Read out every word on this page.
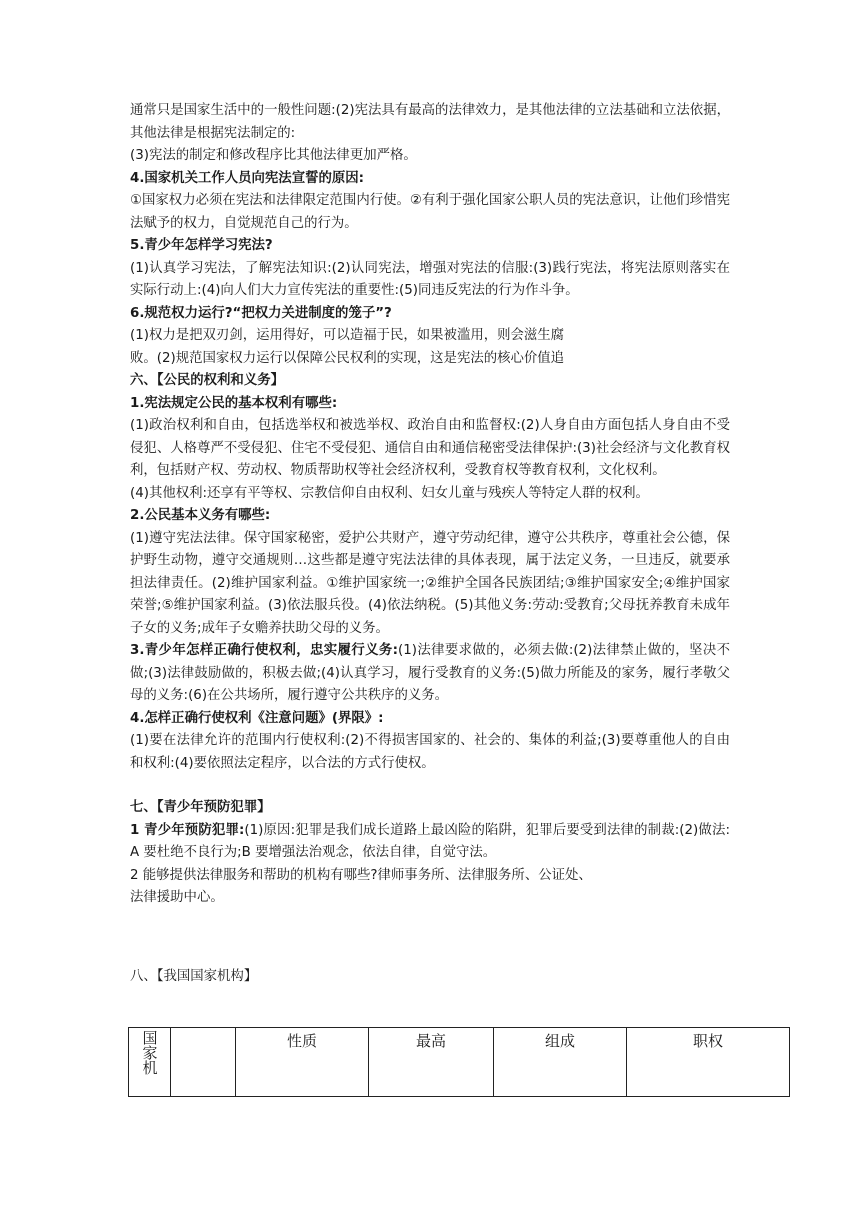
通常只是国家生活中的一般性问题:(2)宪法具有最高的法律效力，是其他法律的立法基础和立法依据，其他法律是根据宪法制定的:

(3)宪法的制定和修改程序比其他法律更加严格。

4.国家机关工作人员向宪法宣誓的原因:

①国家权力必须在宪法和法律限定范围内行使。②有利于强化国家公职人员的宪法意识，让他们珍惜宪法赋予的权力，自觉规范自己的行为。

5.青少年怎样学习宪法?

(1)认真学习宪法，了解宪法知识:(2)认同宪法，增强对宪法的信服:(3)践行宪法，将宪法原则落实在实际行动上:(4)向人们大力宣传宪法的重要性:(5)同违反宪法的行为作斗争。

6.规范权力运行?“把权力关进制度的笼子”?

(1)权力是把双刃剑，运用得好，可以造福于民，如果被滥用，则会滋生腐

败。(2)规范国家权力运行以保障公民权利的实现，这是宪法的核心价值追

六、【公民的权利和义务】

1.宪法规定公民的基本权利有哪些:

(1)政治权利和自由，包括选举权和被选举权、政治自由和监督权:(2)人身自由方面包括人身自由不受侵犯、人格尊严不受侵犯、住宅不受侵犯、通信自由和通信秘密受法律保护:(3)社会经济与文化教育权利，包括财产权、劳动权、物质帮助权等社会经济权利，受教育权等教育权利，文化权利。

(4)其他权利:还享有平等权、宗教信仰自由权利、妇女儿童与残疾人等特定人群的权利。

2.公民基本义务有哪些:

(1)遵守宪法法律。保守国家秘密，爱护公共财产，遵守劳动纪律，遵守公共秩序，尊重社会公德，保护野生动物，遵守交通规则…这些都是遵守宪法法律的具体表现，属于法定义务，一旦违反，就要承担法律责任。(2)维护国家利益。①维护国家统一;②维护全国各民族团结;③维护国家安全;④维护国家荣誉;⑤维护国家利益。(3)依法服兵役。(4)依法纳税。(5)其他义务:劳动:受教育;父母抚养教育未成年子女的义务;成年子女赡养扶助父母的义务。

3.青少年怎样正确行使权利，忠实履行义务:(1)法律要求做的，必须去做:(2)法律禁止做的，坚决不做;(3)法律鼓励做的，积极去做;(4)认真学习，履行受教育的义务:(5)做力所能及的家务，履行孝敬父母的义务:(6)在公共场所，履行遵守公共秩序的义务。

4.怎样正确行使权利《注意问题》(界限》:

(1)要在法律允许的范围内行使权利:(2)不得损害国家的、社会的、集体的利益;(3)要尊重他人的自由和权利:(4)要依照法定程序，以合法的方式行使权。

七、【青少年预防犯罪】

1 青少年预防犯罪:(1)原因:犯罪是我们成长道路上最凶险的陷阱，犯罪后要受到法律的制裁:(2)做法:A 要杜绝不良行为;B 要增强法治观念，依法自律，自觉守法。

2 能够提供法律服务和帮助的机构有哪些?律师事务所、法律服务所、公证处、

法律援助中心。

八、【我国国家机构】

国家机		性质	最高	组成	职权
